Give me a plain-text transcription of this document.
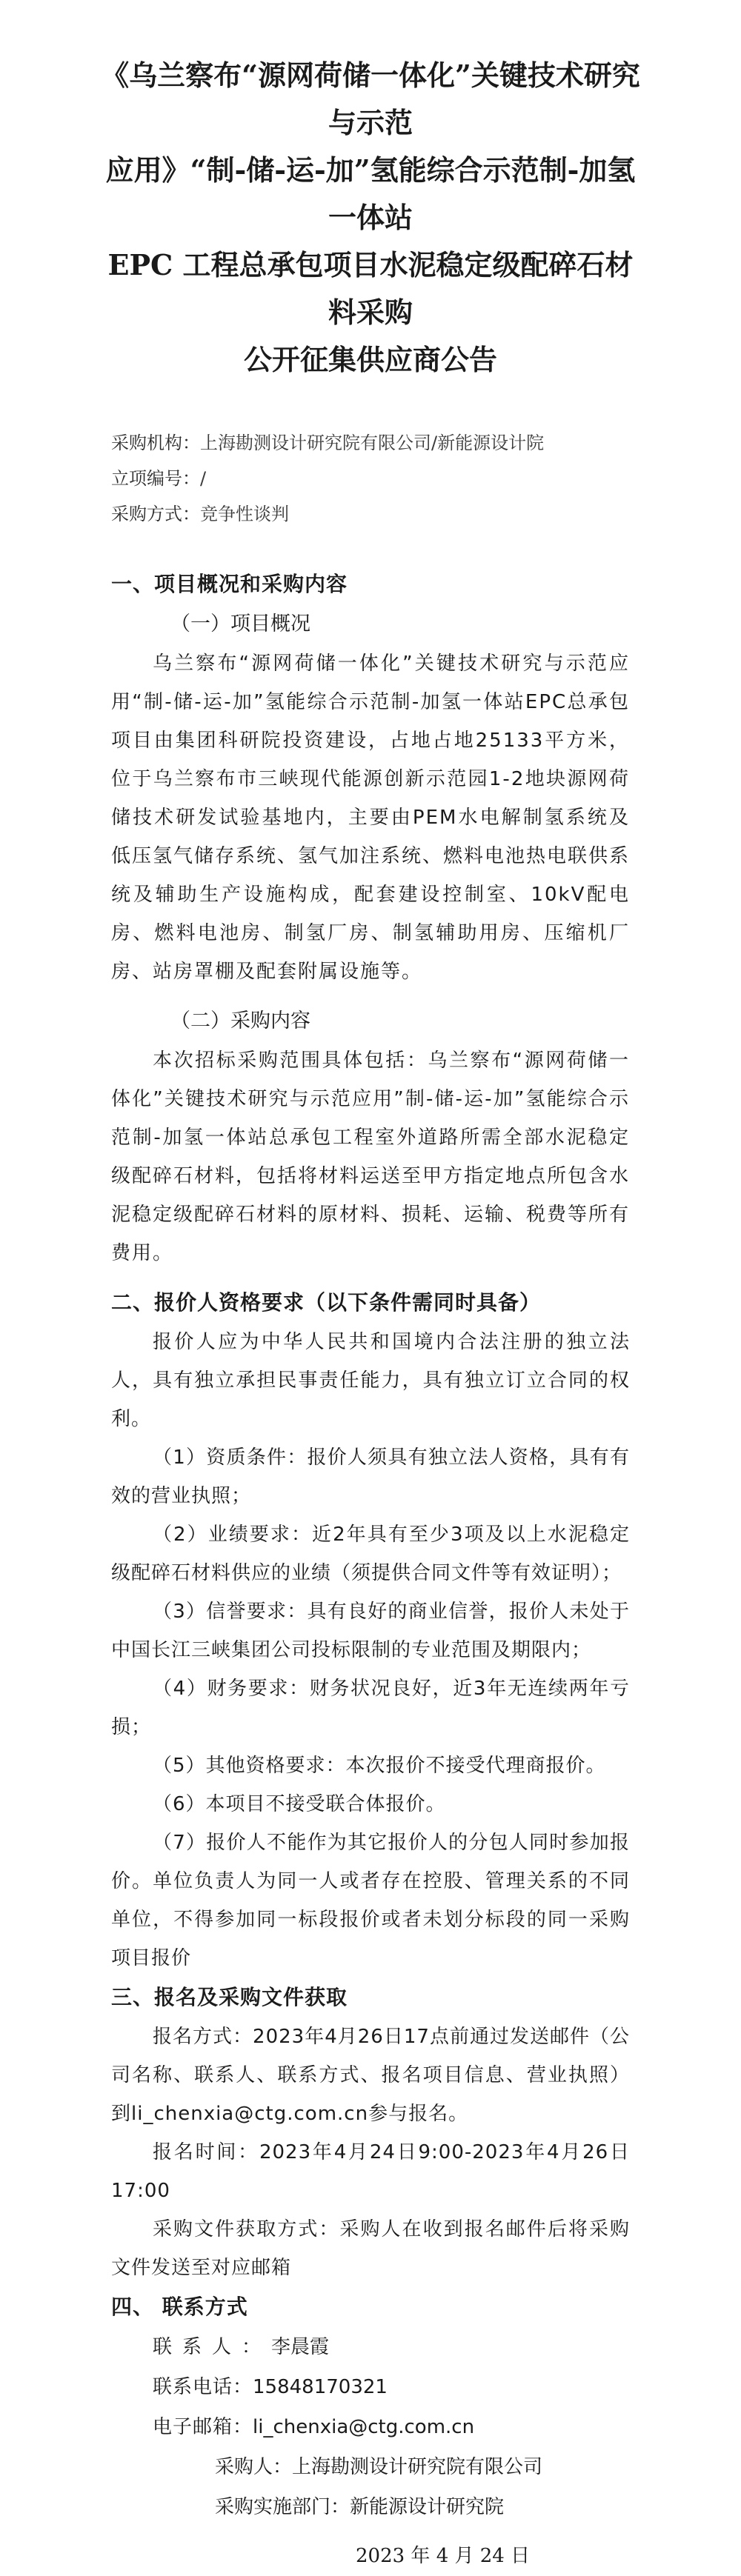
《乌兰察布“源网荷储一体化”关键技术研究与示范
应用》“制-储-运-加”氢能综合示范制-加氢一体站
EPC 工程总承包项目水泥稳定级配碎石材料采购
公开征集供应商公告
采购机构：上海勘测设计研究院有限公司/新能源设计院
立项编号：/
采购方式：竞争性谈判
一、项目概况和采购内容
（一）项目概况

乌兰察布“源网荷储一体化”关键技术研究与示范应用“制-储-运-加”氢能综合示范制-加氢一体站EPC总承包项目由集团科研院投资建设，占地占地25133平方米，位于乌兰察布市三峡现代能源创新示范园1-2地块源网荷储技术研发试验基地内，主要由PEM水电解制氢系统及低压氢气储存系统、氢气加注系统、燃料电池热电联供系统及辅助生产设施构成，配套建设控制室、10kV配电房、燃料电池房、制氢厂房、制氢辅助用房、压缩机厂房、站房罩棚及配套附属设施等。

（二）采购内容

本次招标采购范围具体包括：乌兰察布“源网荷储一体化”关键技术研究与示范应用”制-储-运-加”氢能综合示范制-加氢一体站总承包工程室外道路所需全部水泥稳定级配碎石材料，包括将材料运送至甲方指定地点所包含水泥稳定级配碎石材料的原材料、损耗、运输、税费等所有费用。

二、报价人资格要求（以下条件需同时具备）

报价人应为中华人民共和国境内合法注册的独立法人，具有独立承担民事责任能力，具有独立订立合同的权利。

（1）资质条件：报价人须具有独立法人资格，具有有效的营业执照；

（2）业绩要求：近2年具有至少3项及以上水泥稳定级配碎石材料供应的业绩（须提供合同文件等有效证明）；

（3）信誉要求：具有良好的商业信誉，报价人未处于中国长江三峡集团公司投标限制的专业范围及期限内；

（4）财务要求：财务状况良好，近3年无连续两年亏损；

（5）其他资格要求：本次报价不接受代理商报价。

（6）本项目不接受联合体报价。

（7）报价人不能作为其它报价人的分包人同时参加报价。单位负责人为同一人或者存在控股、管理关系的不同单位，不得参加同一标段报价或者未划分标段的同一采购项目报价

三、报名及采购文件获取

报名方式：2023年4月26日17点前通过发送邮件（公司名称、联系人、联系方式、报名项目信息、营业执照）到li_chenxia@ctg.com.cn参与报名。

报名时间：2023年4月24日9:00-2023年4月26日17:00

采购文件获取方式：采购人在收到报名邮件后将采购文件发送至对应邮箱

四、 联系方式
联系人：李晨霞
联系电话：15848170321
电子邮箱：li_chenxia@ctg.com.cn
采购人：上海勘测设计研究院有限公司
采购实施部门：新能源设计研究院
2023 年 4 月 24 日
